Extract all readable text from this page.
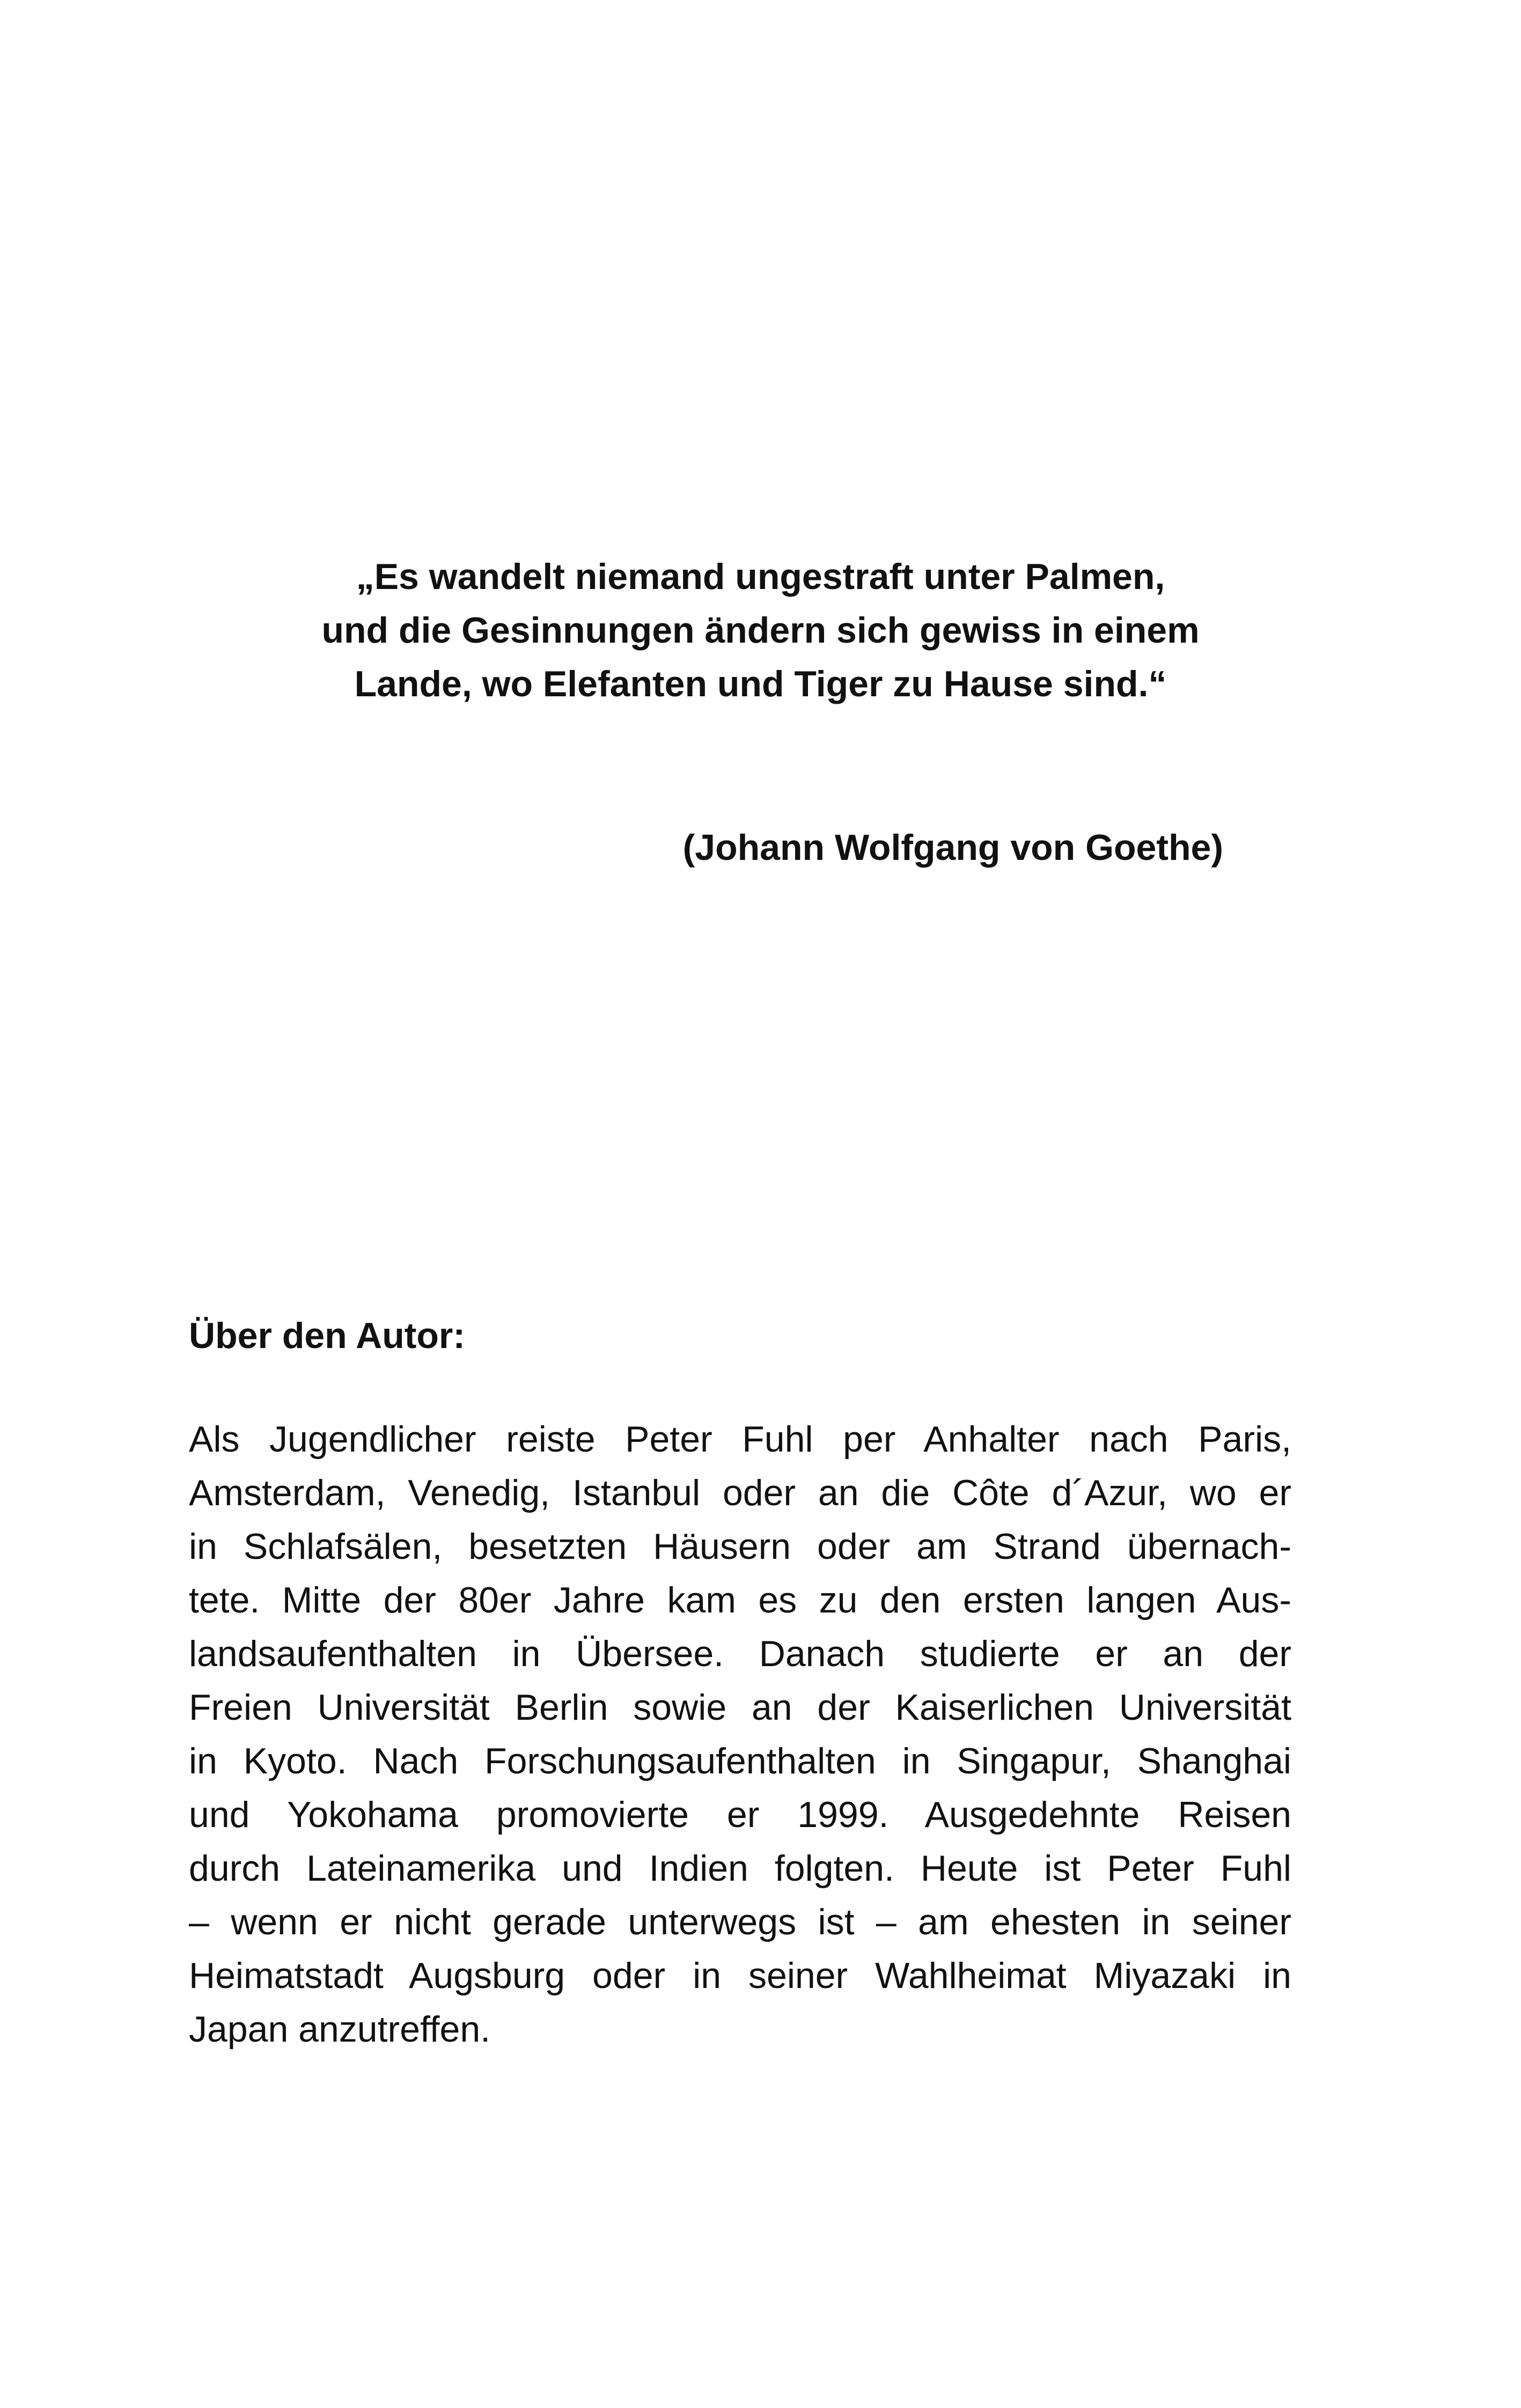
„Es wandelt niemand ungestraft unter Palmen,
und die Gesinnungen ändern sich gewiss in einem
Lande, wo Elefanten und Tiger zu Hause sind.“
(Johann Wolfgang von Goethe)
Über den Autor:
Als Jugendlicher reiste Peter Fuhl per Anhalter nach Paris,
Amsterdam, Venedig, Istanbul oder an die Côte d´Azur, wo er
in Schlafsälen, besetzten Häusern oder am Strand übernach-
tete. Mitte der 80er Jahre kam es zu den ersten langen Aus-
landsaufenthalten in Übersee. Danach studierte er an der
Freien Universität Berlin sowie an der Kaiserlichen Universität
in Kyoto. Nach Forschungsaufenthalten in Singapur, Shanghai
und Yokohama promovierte er 1999. Ausgedehnte Reisen
durch Lateinamerika und Indien folgten. Heute ist Peter Fuhl
– wenn er nicht gerade unterwegs ist – am ehesten in seiner
Heimatstadt Augsburg oder in seiner Wahlheimat Miyazaki in
Japan anzutreffen.
